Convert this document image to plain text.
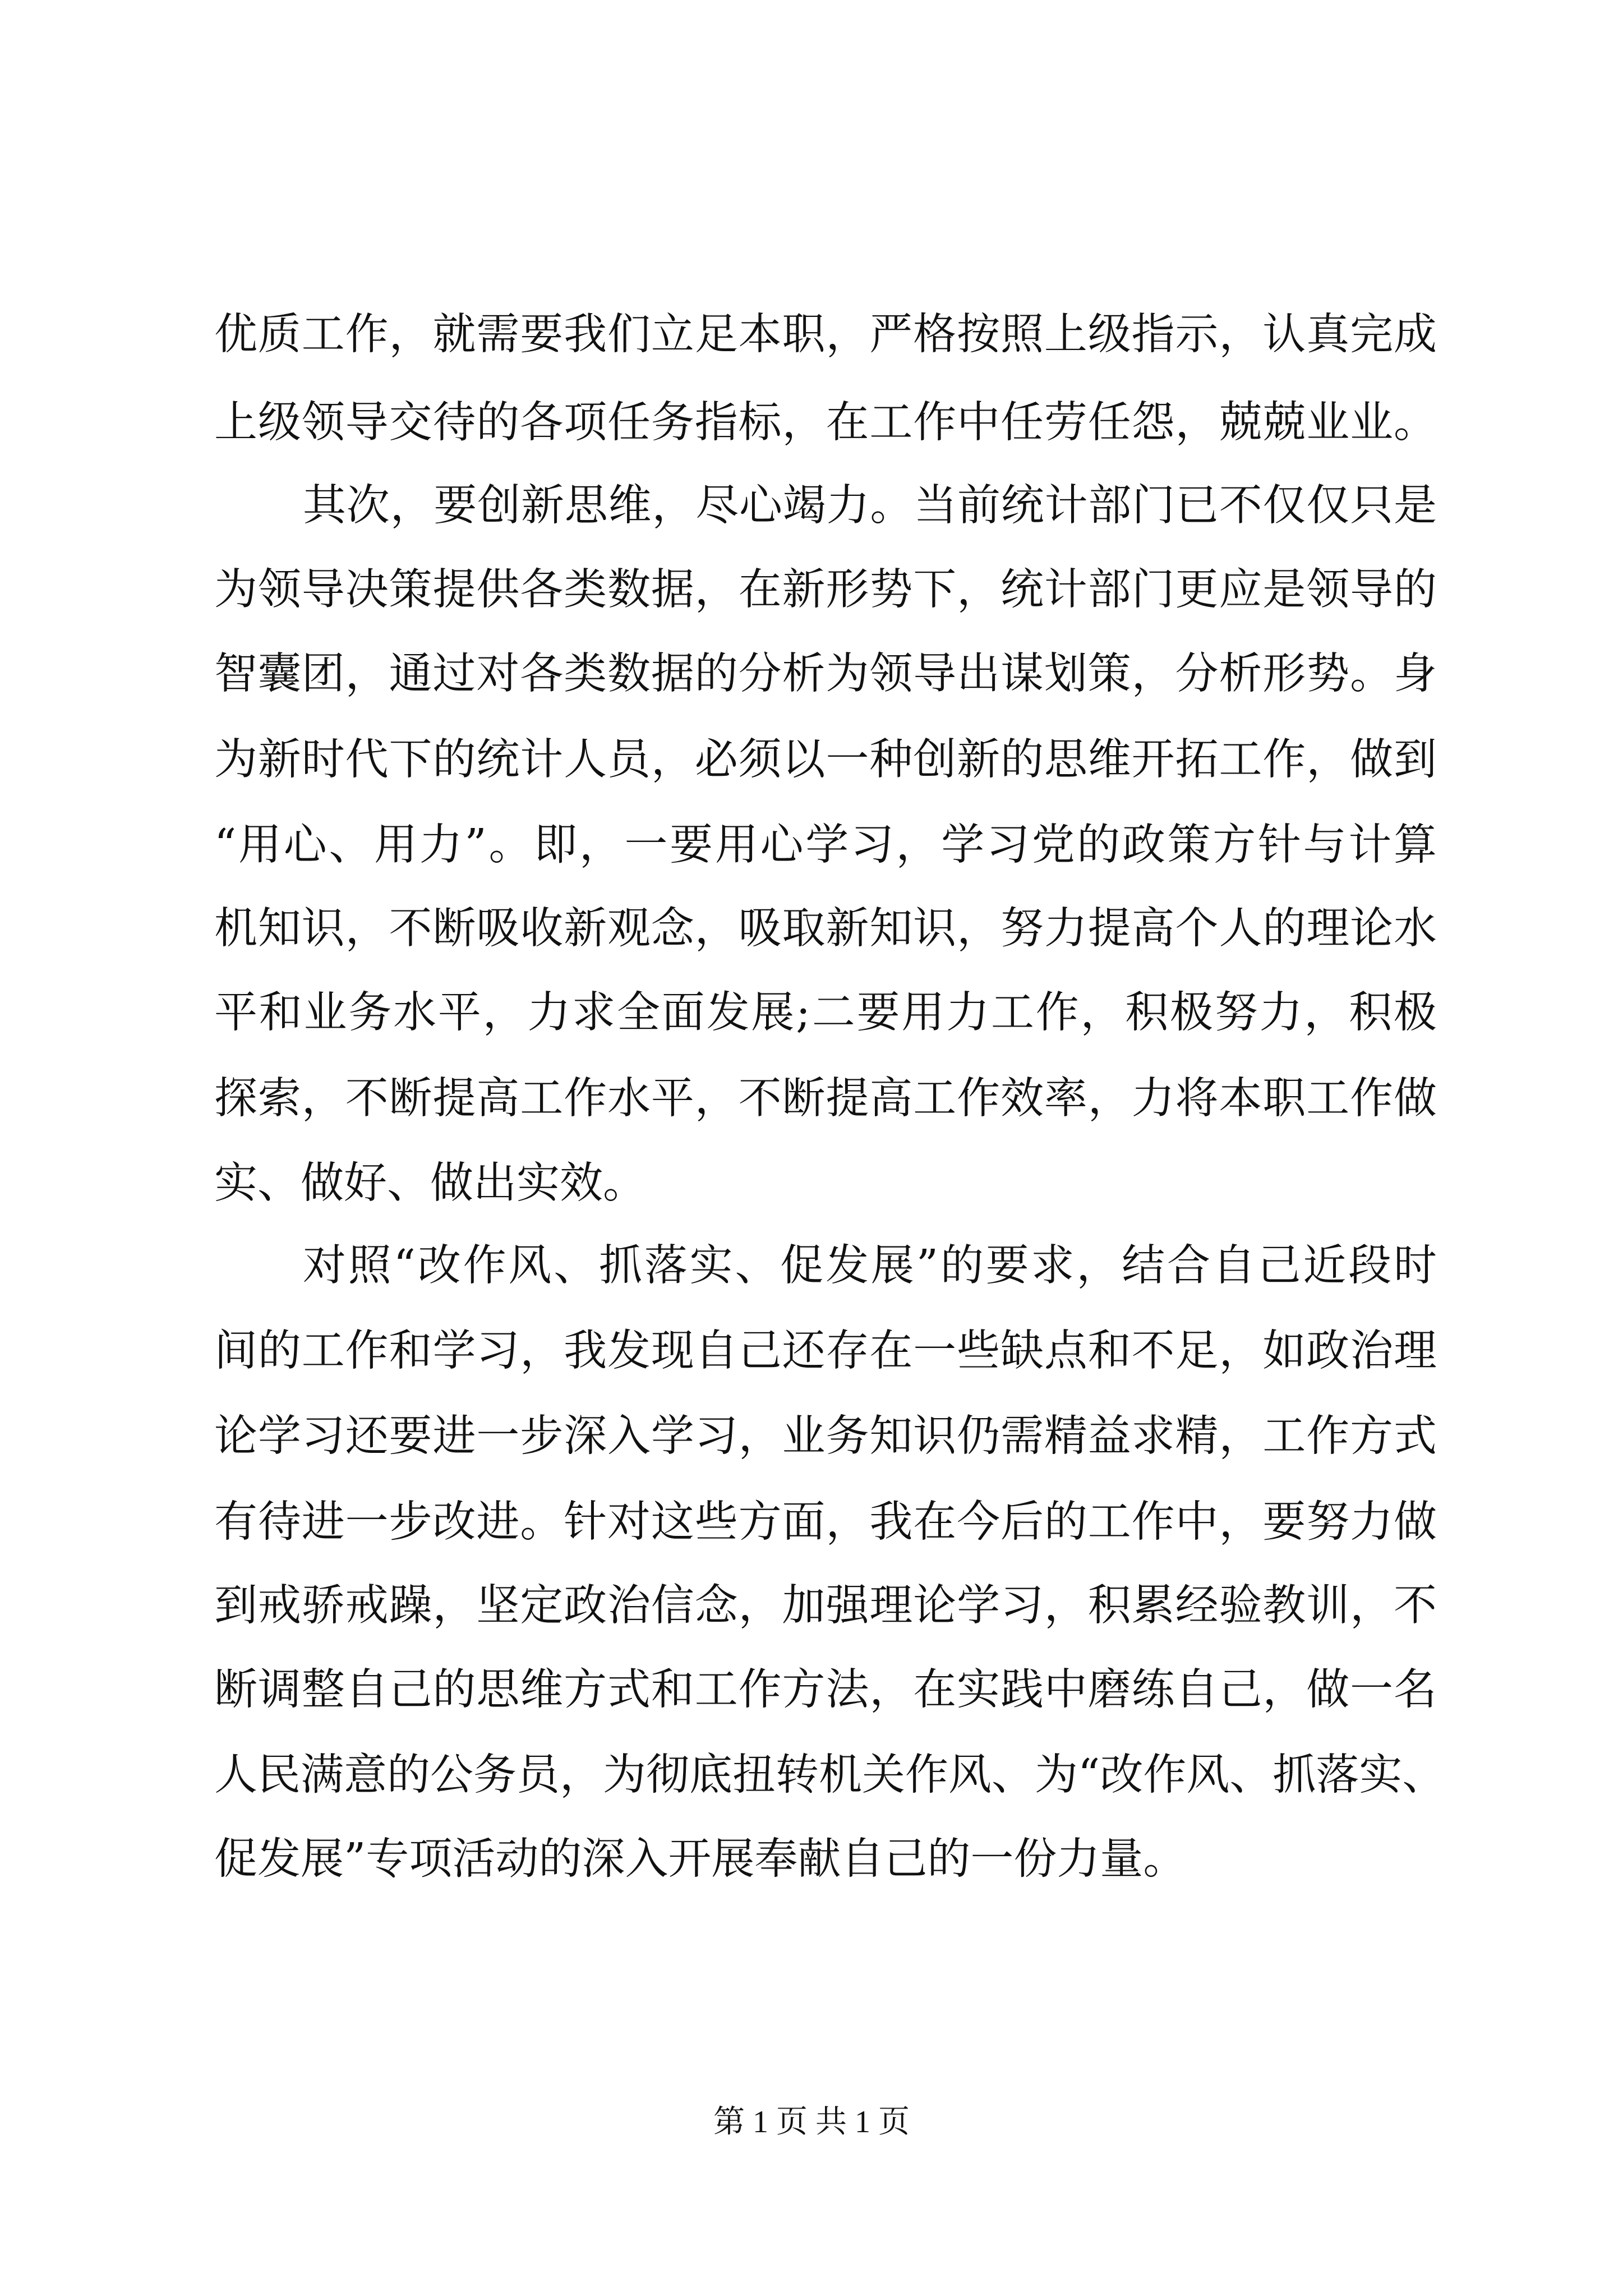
优质工作，就需要我们立足本职，严格按照上级指示，认真完成
上级领导交待的各项任务指标，在工作中任劳任怨，兢兢业业。
其次，要创新思维，尽心竭力。当前统计部门已不仅仅只是
为领导决策提供各类数据，在新形势下，统计部门更应是领导的
智囊团，通过对各类数据的分析为领导出谋划策，分析形势。身
为新时代下的统计人员，必须以一种创新的思维开拓工作，做到
“用心、用力”。即，一要用心学习，学习党的政策方针与计算
机知识，不断吸收新观念，吸取新知识，努力提高个人的理论水
平和业务水平，力求全面发展;二要用力工作，积极努力，积极
探索，不断提高工作水平，不断提高工作效率，力将本职工作做
实、做好、做出实效。
对照“改作风、抓落实、促发展”的要求，结合自己近段时
间的工作和学习，我发现自己还存在一些缺点和不足，如政治理
论学习还要进一步深入学习，业务知识仍需精益求精，工作方式
有待进一步改进。针对这些方面，我在今后的工作中，要努力做
到戒骄戒躁，坚定政治信念，加强理论学习，积累经验教训，不
断调整自己的思维方式和工作方法，在实践中磨练自己，做一名
人民满意的公务员，为彻底扭转机关作风、为“改作风、抓落实、
促发展”专项活动的深入开展奉献自己的一份力量。
第 1 页 共 1 页
